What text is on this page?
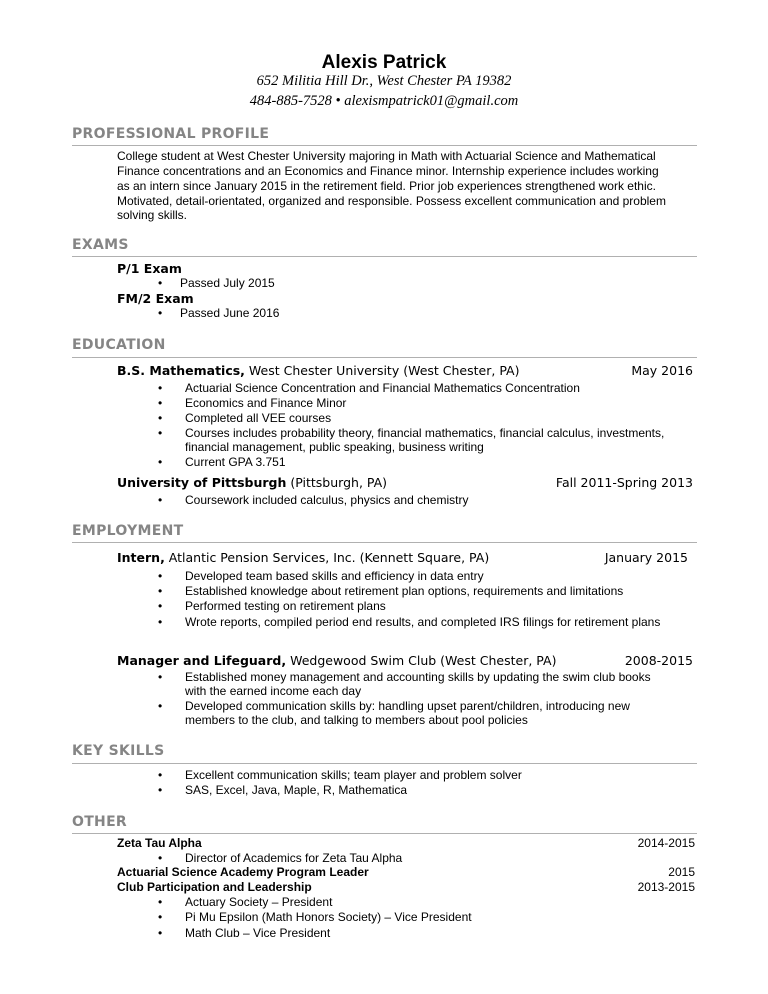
Alexis Patrick
652 Militia Hill Dr., West Chester PA 19382
484-885-7528 • alexismpatrick01@gmail.com
PROFESSIONAL PROFILE
College student at West Chester University majoring in Math with Actuarial Science and Mathematical
Finance concentrations and an Economics and Finance minor. Internship experience includes working
as an intern since January 2015 in the retirement field. Prior job experiences strengthened work ethic.
Motivated, detail-orientated, organized and responsible. Possess excellent communication and problem
solving skills.
EXAMS
P/1 Exam
• Passed July 2015
FM/2 Exam
• Passed June 2016
EDUCATION
B.S. Mathematics, West Chester University (West Chester, PA)	May 2016
• Actuarial Science Concentration and Financial Mathematics Concentration
• Economics and Finance Minor
• Completed all VEE courses
• Courses includes probability theory, financial mathematics, financial calculus, investments,
financial management, public speaking, business writing
• Current GPA 3.751
University of Pittsburgh (Pittsburgh, PA)	Fall 2011-Spring 2013
• Coursework included calculus, physics and chemistry
EMPLOYMENT
Intern, Atlantic Pension Services, Inc. (Kennett Square, PA)	January 2015
• Developed team based skills and efficiency in data entry
• Established knowledge about retirement plan options, requirements and limitations
• Performed testing on retirement plans
• Wrote reports, compiled period end results, and completed IRS filings for retirement plans
Manager and Lifeguard, Wedgewood Swim Club (West Chester, PA)	2008-2015
• Established money management and accounting skills by updating the swim club books
with the earned income each day
• Developed communication skills by: handling upset parent/children, introducing new
members to the club, and talking to members about pool policies
KEY SKILLS
• Excellent communication skills; team player and problem solver
• SAS, Excel, Java, Maple, R, Mathematica
OTHER
Zeta Tau Alpha	2014-2015
• Director of Academics for Zeta Tau Alpha
Actuarial Science Academy Program Leader	2015
Club Participation and Leadership	2013-2015
• Actuary Society – President
• Pi Mu Epsilon (Math Honors Society) – Vice President
• Math Club – Vice President
